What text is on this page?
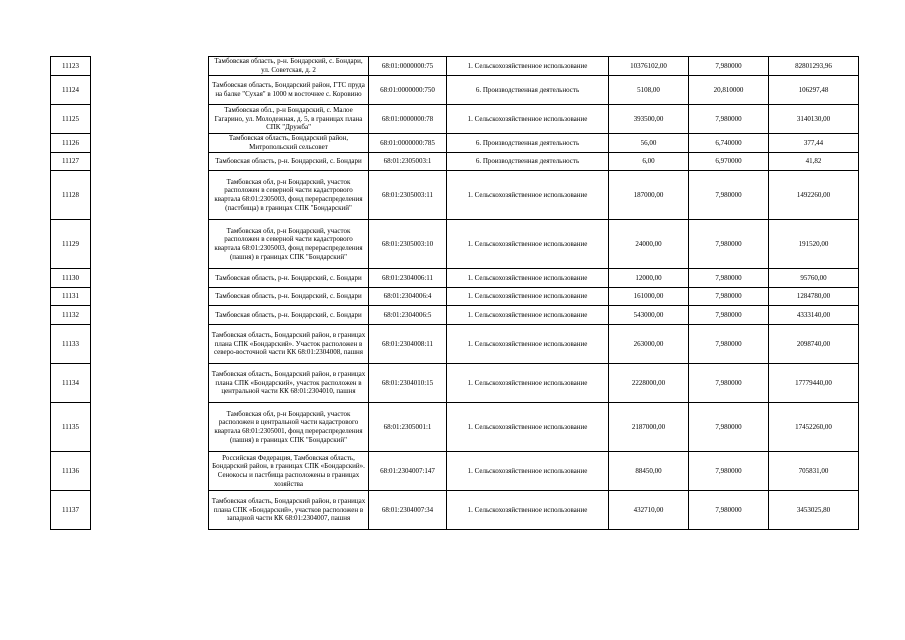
11123		Тамбовская область, р-н. Бондарский, с. Бондари, ул. Советская, д. 2	68:01:0000000:75	1. Сельскохозяйственное использование	10376102,00	7,980000	82801293,96
11124		Тамбовская область, Бондарский район, ГТС пруда на балке "Сухая" в 1000 м восточнее с. Коровино	68:01:0000000:750	6. Производственная деятельность	5108,00	20,810000	106297,48
11125		Тамбовская обл., р-н Бондарский, с. Малое Гагарино, ул. Молодежная, д. 5, в границах плана СПК "Дружба"	68:01:0000000:78	1. Сельскохозяйственное использование	393500,00	7,980000	3140130,00
11126		Тамбовская область, Бондарский район, Митропольский сельсовет	68:01:0000000:785	6. Производственная деятельность	56,00	6,740000	377,44
11127		Тамбовская область, р-н. Бондарский, с. Бондари	68:01:2305003:1	6. Производственная деятельность	6,00	6,970000	41,82
11128		Тамбовская обл, р-н Бондарский, участок расположен в северной части кадастрового квартала 68:01:2305003, фонд перераспределения (пастбища) в границах СПК "Бондарский"	68:01:2305003:11	1. Сельскохозяйственное использование	187000,00	7,980000	1492260,00
11129		Тамбовская обл, р-н Бондарский, участок расположен в северной части кадастрового квартала 68:01:2305003, фонд перераспределения (пашня) в границах СПК "Бондарский"	68:01:2305003:10	1. Сельскохозяйственное использование	24000,00	7,980000	191520,00
11130		Тамбовская область, р-н. Бондарский, с. Бондари	68:01:2304006:11	1. Сельскохозяйственное использование	12000,00	7,980000	95760,00
11131		Тамбовская область, р-н. Бондарский, с. Бондари	68:01:2304006:4	1. Сельскохозяйственное использование	161000,00	7,980000	1284780,00
11132		Тамбовская область, р-н. Бондарский, с. Бондари	68:01:2304006:5	1. Сельскохозяйственное использование	543000,00	7,980000	4333140,00
11133		Тамбовская область, Бондарский район, в границах плана СПК «Бондарский». Участок расположен в северо-восточной части КК 68:01:2304008, пашня	68:01:2304008:11	1. Сельскохозяйственное использование	263000,00	7,980000	2098740,00
11134		Тамбовская область, Бондарский район, в границах плана СПК «Бондарский», участок расположен в центральной части КК 68:01:2304010, пашня	68:01:2304010:15	1. Сельскохозяйственное использование	2228000,00	7,980000	17779440,00
11135		Тамбовская обл, р-н Бондарский, участок расположен в центральной части кадастрового квартала 68:01:2305001, фонд перераспределения (пашня) в границах СПК "Бондарский"	68:01:2305001:1	1. Сельскохозяйственное использование	2187000,00	7,980000	17452260,00
11136		Российская Федерация, Тамбовская область, Бондарский район, в границах СПК «Бондарский». Сенокосы и пастбища расположены в границах хозяйства	68:01:2304007:147	1. Сельскохозяйственное использование	88450,00	7,980000	705831,00
11137		Тамбовская область, Бондарский район, в границах плана СПК «Бондарский», участков расположен в западной части КК 68:01:2304007, пашня	68:01:2304007:34	1. Сельскохозяйственное использование	432710,00	7,980000	3453025,80
